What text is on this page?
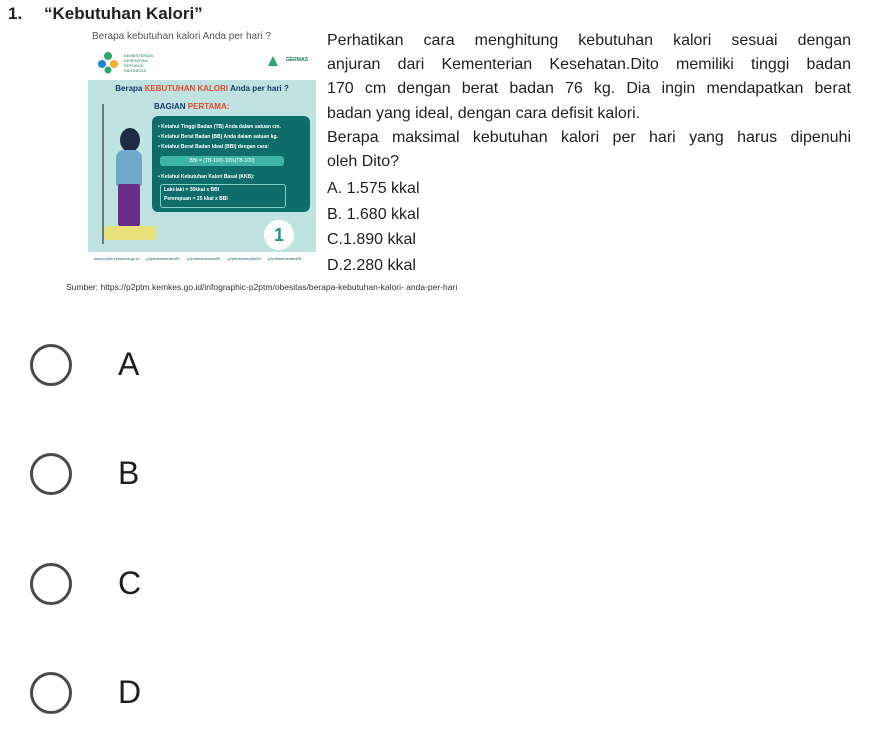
1. “Kebutuhan Kalori”
Berapa kebutuhan kalori Anda per hari ?
KEMENTERIAN KESEHATAN REPUBLIK INDONESIA
GERMAS
Berapa KEBUTUHAN KALORI Anda per hari ?
BAGIAN PERTAMA:
• Ketahui Tinggi Badan (TB) Anda dalam satuan cm.
• Ketahui Berat Badan (BB) Anda dalam satuan kg.
• Ketahui Berat Badan Ideal (BBI) dengan cara:
BBI = (TB-100)-10%(TB-100)
• Ketahui Kebutuhan Kalori Basal (KKB):
Laki-laki = 30kkal x BBI
Perempuan = 25 kkal x BBI
1
www.p2ptm.kemkes.go.id p2ptmkemenkesRI p2ptmkemenkesRI p2ptmkemenkesRI p2ptmkemenkesRI
Perhatikan cara menghitung kebutuhan kalori sesuai dengan
anjuran dari Kementerian Kesehatan.Dito memiliki tinggi badan
170 cm dengan berat badan 76 kg. Dia ingin mendapatkan berat
badan yang ideal, dengan cara defisit kalori.
Berapa maksimal kebutuhan kalori per hari yang harus dipenuhi
oleh Dito?
A. 1.575 kkal
B. 1.680 kkal
C.1.890 kkal
D.2.280 kkal
Sumber: https://p2ptm.kemkes.go.id/infographic-p2ptm/obesitas/berapa-kebutuhan-kalori- anda-per-hari
A
B
C
D
